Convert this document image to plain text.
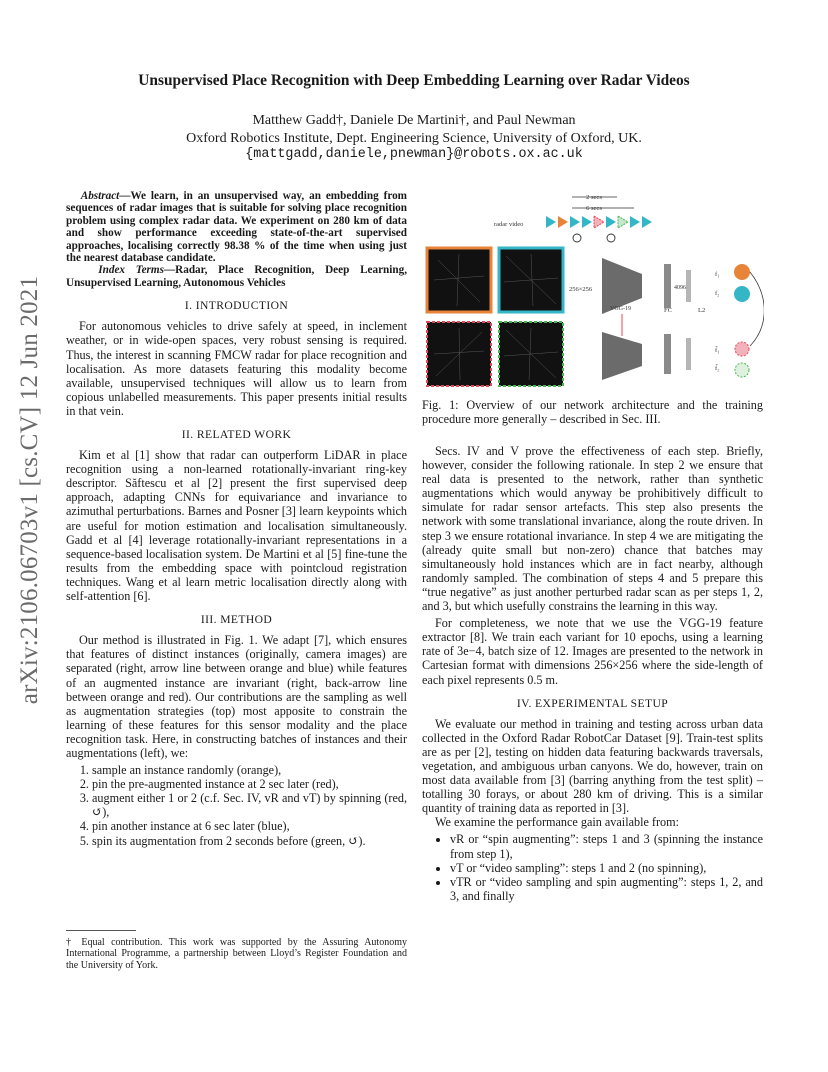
arXiv:2106.06703v1 [cs.CV] 12 Jun 2021
Unsupervised Place Recognition with Deep Embedding Learning over Radar Videos
Matthew Gadd†, Daniele De Martini†, and Paul Newman
Oxford Robotics Institute, Dept. Engineering Science, University of Oxford, UK.
{mattgadd,daniele,pnewman}@robots.ox.ac.uk
Abstract—We learn, in an unsupervised way, an embedding from sequences of radar images that is suitable for solving place recognition problem using complex radar data. We experiment on 280 km of data and show performance exceeding state-of-the-art supervised approaches, localising correctly 98.38 % of the time when using just the nearest database candidate.
Index Terms—Radar, Place Recognition, Deep Learning, Unsupervised Learning, Autonomous Vehicles
I. INTRODUCTION

For autonomous vehicles to drive safely at speed, in inclement weather, or in wide-open spaces, very robust sensing is required. Thus, the interest in scanning FMCW radar for place recognition and localisation. As more datasets featuring this modality become available, unsupervised techniques will allow us to learn from copious unlabelled measurements. This paper presents initial results in that vein.

II. RELATED WORK

Kim et al [1] show that radar can outperform LiDAR in place recognition using a non-learned rotationally-invariant ring-key descriptor. Săftescu et al [2] present the first supervised deep approach, adapting CNNs for equivariance and invariance to azimuthal perturbations. Barnes and Posner [3] learn keypoints which are useful for motion estimation and localisation simultaneously. Gadd et al [4] leverage rotationally-invariant representations in a sequence-based localisation system. De Martini et al [5] fine-tune the results from the embedding space with pointcloud registration techniques. Wang et al learn metric localisation directly along with self-attention [6].

III. METHOD

Our method is illustrated in Fig. 1. We adapt [7], which ensures that features of distinct instances (originally, camera images) are separated (right, arrow line between orange and blue) while features of an augmented instance are invariant (right, back-arrow line between orange and red). Our contributions are the sampling as well as augmentation strategies (top) most apposite to constrain the learning of these features for this sensor modality and the place recognition task. Here, in constructing batches of instances and their augmentations (left), we:

1. sample an instance randomly (orange),
2. pin the pre-augmented instance at 2 sec later (red),
3. augment either 1 or 2 (c.f. Sec. IV, vR and vT) by spinning (red, ↺),
4. pin another instance at 6 sec later (blue),
5. spin its augmentation from 2 seconds before (green, ↺).
† Equal contribution. This work was supported by the Assuring Autonomy International Programme, a partnership between Lloyd’s Register Foundation and the University of York.
2 secs
6 secs
radar video
256×256	4096
VGG-19	FC	L2
f₁
f₂
f̃₁
f̃₂
Fig. 1: Overview of our network architecture and the training procedure more generally – described in Sec. III.

Secs. IV and V prove the effectiveness of each step. Briefly, however, consider the following rationale. In step 2 we ensure that real data is presented to the network, rather than synthetic augmentations which would anyway be prohibitively difficult to simulate for radar sensor artefacts. This step also presents the network with some translational invariance, along the route driven. In step 3 we ensure rotational invariance. In step 4 we are mitigating the (already quite small but non-zero) chance that batches may simultaneously hold instances which are in fact nearby, although randomly sampled. The combination of steps 4 and 5 prepare this “true negative” as just another perturbed radar scan as per steps 1, 2, and 3, but which usefully constrains the learning in this way.

For completeness, we note that we use the VGG-19 feature extractor [8]. We train each variant for 10 epochs, using a learning rate of 3e−4, batch size of 12. Images are presented to the network in Cartesian format with dimensions 256×256 where the side-length of each pixel represents 0.5 m.

IV. EXPERIMENTAL SETUP

We evaluate our method in training and testing across urban data collected in the Oxford Radar RobotCar Dataset [9]. Train-test splits are as per [2], testing on hidden data featuring backwards traversals, vegetation, and ambiguous urban canyons. We do, however, train on most data available from [3] (barring anything from the test split) – totalling 30 forays, or about 280 km of driving. This is a similar quantity of training data as reported in [3].

We examine the performance gain available from:

• vR or “spin augmenting”: steps 1 and 3 (spinning the instance from step 1),
• vT or “video sampling”: steps 1 and 2 (no spinning),
• vTR or “video sampling and spin augmenting”: steps 1, 2, and 3, and finally
